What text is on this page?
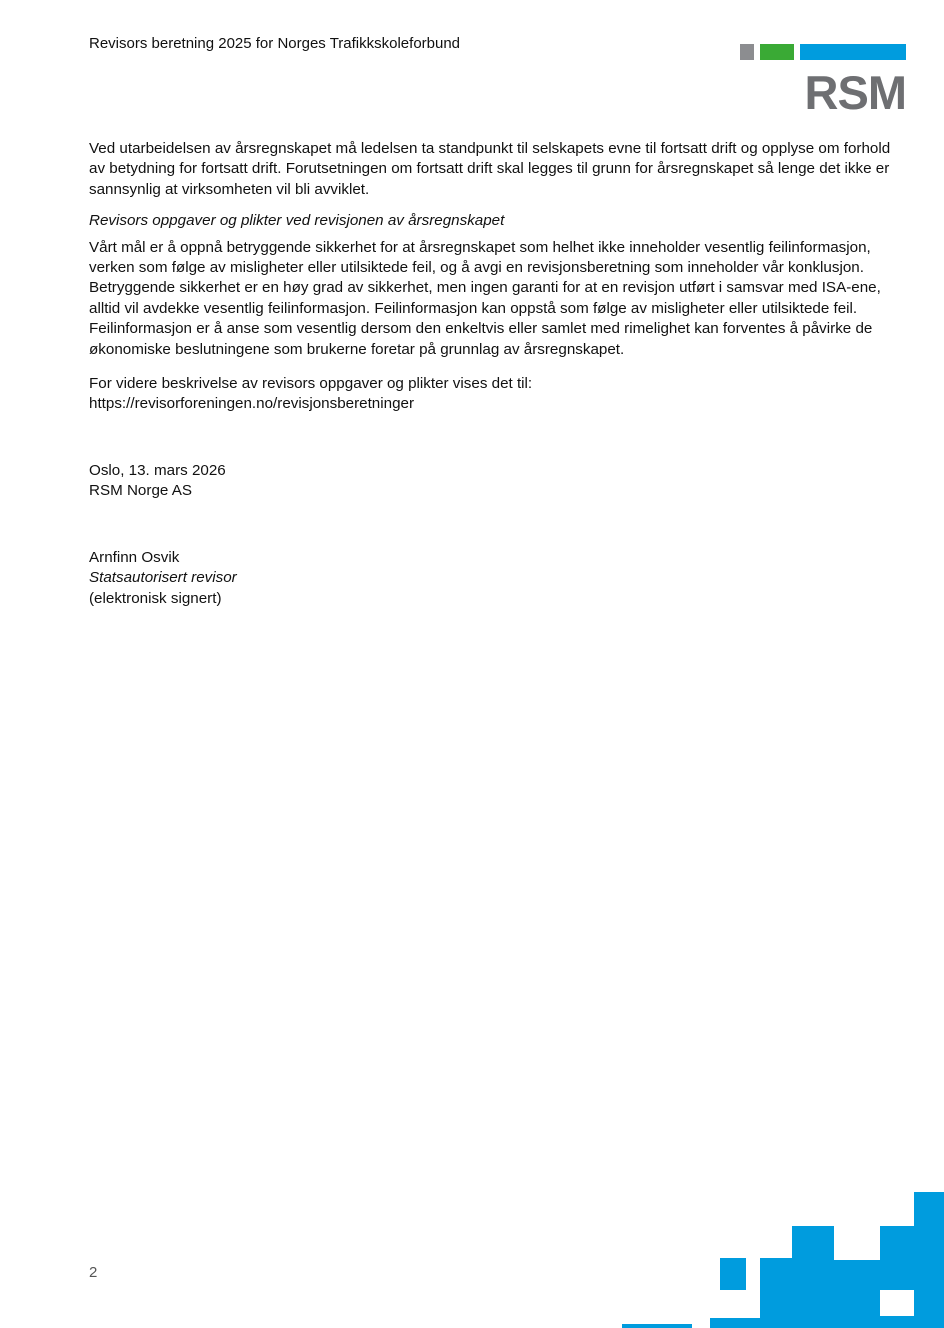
Revisors beretning 2025 for Norges Trafikkskoleforbund
RSM

Ved utarbeidelsen av årsregnskapet må ledelsen ta standpunkt til selskapets evne til fortsatt drift og opplyse om forhold av betydning for fortsatt drift. Forutsetningen om fortsatt drift skal legges til grunn for årsregnskapet så lenge det ikke er sannsynlig at virksomheten vil bli avviklet.

Revisors oppgaver og plikter ved revisjonen av årsregnskapet

Vårt mål er å oppnå betryggende sikkerhet for at årsregnskapet som helhet ikke inneholder vesentlig feilinformasjon, verken som følge av misligheter eller utilsiktede feil, og å avgi en revisjonsberetning som inneholder vår konklusjon. Betryggende sikkerhet er en høy grad av sikkerhet, men ingen garanti for at en revisjon utført i samsvar med ISA-ene, alltid vil avdekke vesentlig feilinformasjon. Feilinformasjon kan oppstå som følge av misligheter eller utilsiktede feil. Feilinformasjon er å anse som vesentlig dersom den enkeltvis eller samlet med rimelighet kan forventes å påvirke de økonomiske beslutningene som brukerne foretar på grunnlag av årsregnskapet.

For videre beskrivelse av revisors oppgaver og plikter vises det til:

https://revisorforeningen.no/revisjonsberetninger

Oslo, 13. mars 2026

RSM Norge AS

Arnfinn Osvik

Statsautorisert revisor

(elektronisk signert)

2
